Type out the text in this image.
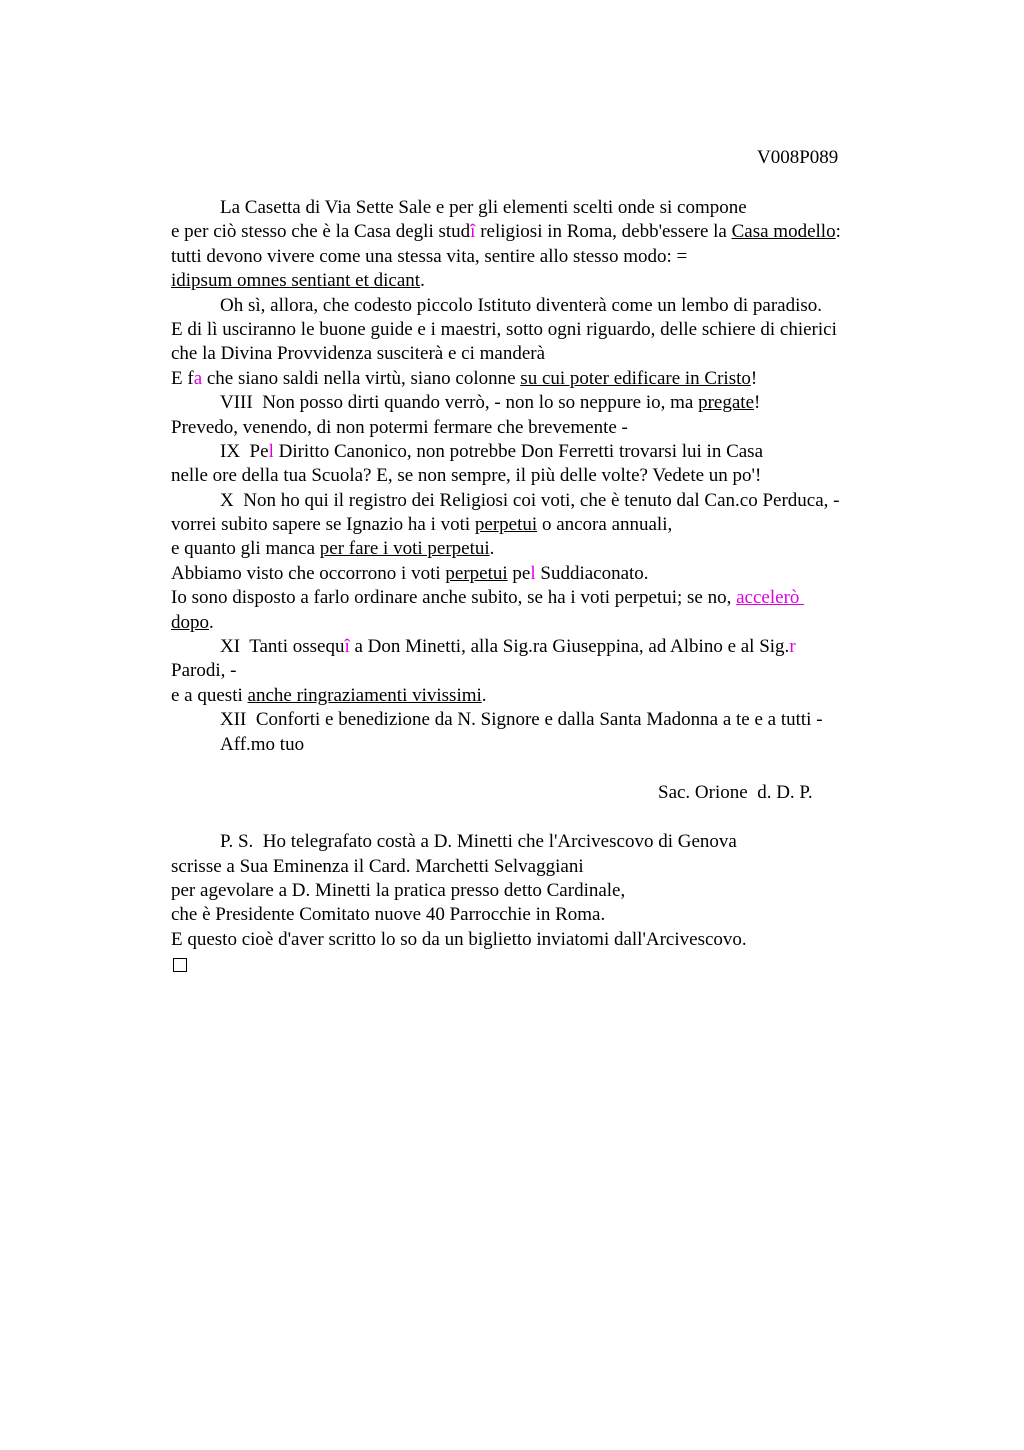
V008P089
La Casetta di Via Sette Sale e per gli elementi scelti onde si compone
e per ciò stesso che è la Casa degli studî religiosi in Roma, debb'essere la Casa modello:
tutti devono vivere come una stessa vita, sentire allo stesso modo: =
idipsum omnes sentiant et dicant.
Oh sì, allora, che codesto piccolo Istituto diventerà come un lembo di paradiso.
E di lì usciranno le buone guide e i maestri, sotto ogni riguardo, delle schiere di chierici
che la Divina Provvidenza susciterà e ci manderà
E fa che siano saldi nella virtù, siano colonne su cui poter edificare in Cristo!
VIII  Non posso dirti quando verrò, - non lo so neppure io, ma pregate!
Prevedo, venendo, di non potermi fermare che brevemente -
IX  Pel Diritto Canonico, non potrebbe Don Ferretti trovarsi lui in Casa
nelle ore della tua Scuola? E, se non sempre, il più delle volte? Vedete un po'!
X  Non ho qui il registro dei Religiosi coi voti, che è tenuto dal Can.co Perduca, -
vorrei subito sapere se Ignazio ha i voti perpetui o ancora annuali,
e quanto gli manca per fare i voti perpetui.
Abbiamo visto che occorrono i voti perpetui pel Suddiaconato.
Io sono disposto a farlo ordinare anche subito, se ha i voti perpetui; se no, accelerò
dopo.
XI  Tanti ossequî a Don Minetti, alla Sig.ra Giuseppina, ad Albino e al Sig.r
Parodi, -
e a questi anche ringraziamenti vivissimi.
XII  Conforti e benedizione da N. Signore e dalla Santa Madonna a te e a tutti -
Aff.mo tuo
Sac. Orione  d. D. P.
P. S.  Ho telegrafato costà a D. Minetti che l'Arcivescovo di Genova
scrisse a Sua Eminenza il Card. Marchetti Selvaggiani
per agevolare a D. Minetti la pratica presso detto Cardinale,
che è Presidente Comitato nuove 40 Parrocchie in Roma.
E questo cioè d'aver scritto lo so da un biglietto inviatomi dall'Arcivescovo.
